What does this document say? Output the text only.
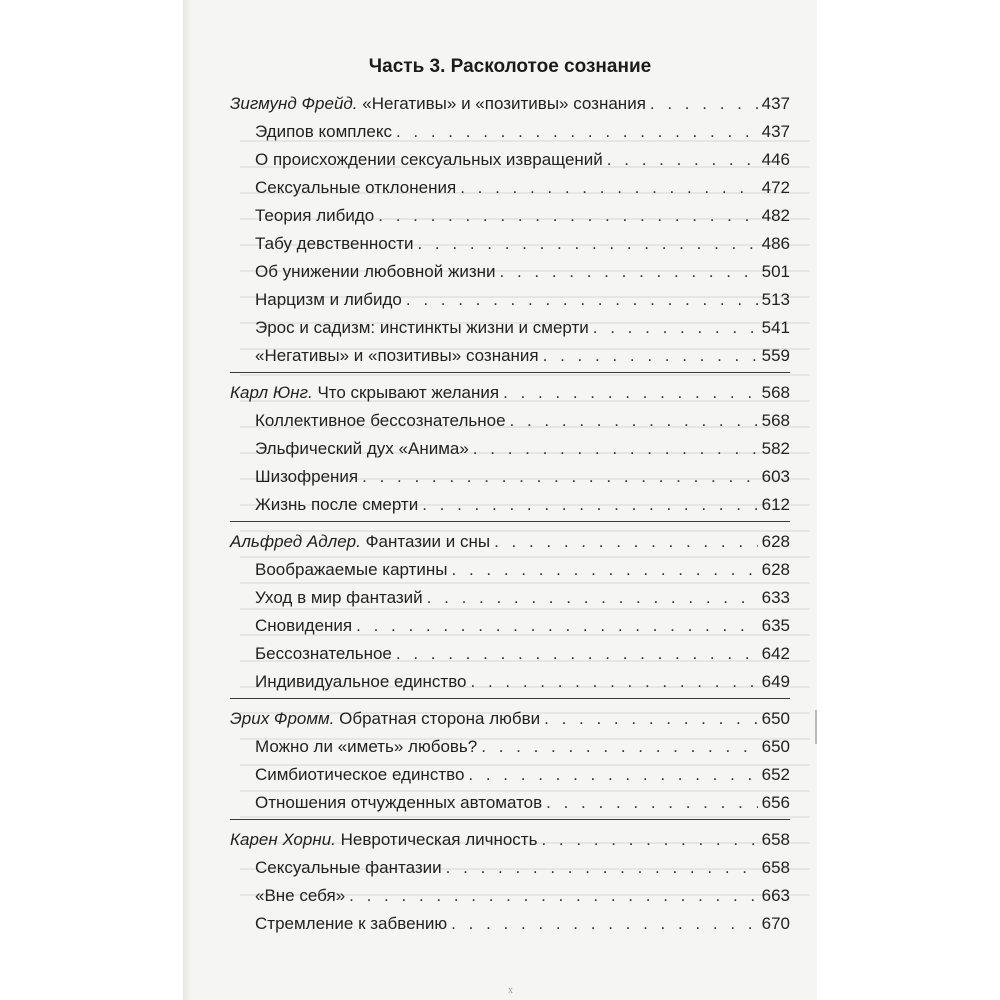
Часть 3. Расколотое сознание
Зигмунд Фрейд. «Негативы» и «позитивы» сознания . . .	437
Эдипов комплекс . . .	437
О происхождении сексуальных извращений . . .	446
Сексуальные отклонения . . .	472
Теория либидо . . .	482
Табу девственности . . .	486
Об унижении любовной жизни . . .	501
Нарцизм и либидо . . .	513
Эрос и садизм: инстинкты жизни и смерти . . .	541
«Негативы» и «позитивы» сознания . . .	559
Карл Юнг. Что скрывают желания . . .	568
Коллективное бессознательное . . .	568
Эльфический дух «Анима» . . .	582
Шизофрения . . .	603
Жизнь после смерти . . .	612
Альфред Адлер. Фантазии и сны . . .	628
Воображаемые картины . . .	628
Уход в мир фантазий . . .	633
Сновидения . . .	635
Бессознательное . . .	642
Индивидуальное единство . . .	649
Эрих Фромм. Обратная сторона любви . . .	650
Можно ли «иметь» любовь? . . .	650
Симбиотическое единство . . .	652
Отношения отчужденных автоматов . . .	656
Карен Хорни. Невротическая личность . . .	658
Сексуальные фантазии . . .	658
«Вне себя» . . .	663
Стремление к забвению . . .	670
x
